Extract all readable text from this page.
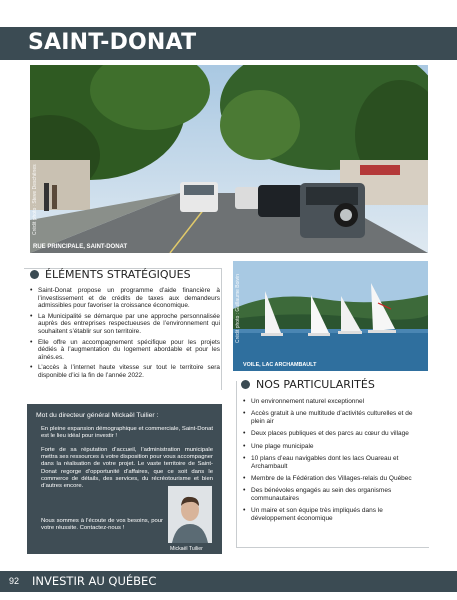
SAINT-DONAT
Crédit photo : Steve Deschênes
RUE PRINCIPALE, SAINT-DONAT
ÉLÉMENTS STRATÉGIQUES
• Saint-Donat propose un programme d’aide financière à l’investissement et de crédits de taxes aux demandeurs admissibles pour favoriser la croissance économique.
• La Municipalité se démarque par une approche personnalisée auprès des entreprises respectueuses de l’environnement qui souhaitent s’établir sur son territoire.
• Elle offre un accompagnement spécifique pour les projets dédiés à l’augmentation du logement abordable et pour les aînés.es.
• L’accès à l’internet haute vitesse sur tout le territoire sera disponible d’ici la fin de l’année 2022.
Crédit photo : Guillaume Boivin
VOILE, LAC ARCHAMBAULT
NOS PARTICULARITÉS
• Un environnement naturel exceptionnel
• Accès gratuit à une multitude d’activités culturelles et de plein air
• Deux places publiques et des parcs au cœur du village
• Une plage municipale
• 10 plans d’eau navigables dont les lacs Ouareau et Archambault
• Membre de la Fédération des Villages-relais du Québec
• Des bénévoles engagés au sein des organismes communautaires
• Un maire et son équipe très impliqués dans le développement économique
Mot du directeur général Mickaël Tuilier :
En pleine expansion démographique et commerciale, Saint-Donat est le lieu idéal pour investir !
Forte de sa réputation d’accueil, l’administration municipale mettra ses ressources à votre disposition pour vous accompagner dans la réalisation de votre projet. Le vaste territoire de Saint-Donat regorge d’opportunité d’affaires, que ce soit dans le commerce de détails, des services, du récréotourisme et bien d’autres encore.
Nous sommes à l’écoute de vos besoins, pour votre réussite. Contactez-nous !
Mickaël Tuilier
92 INVESTIR AU QUÉBEC
